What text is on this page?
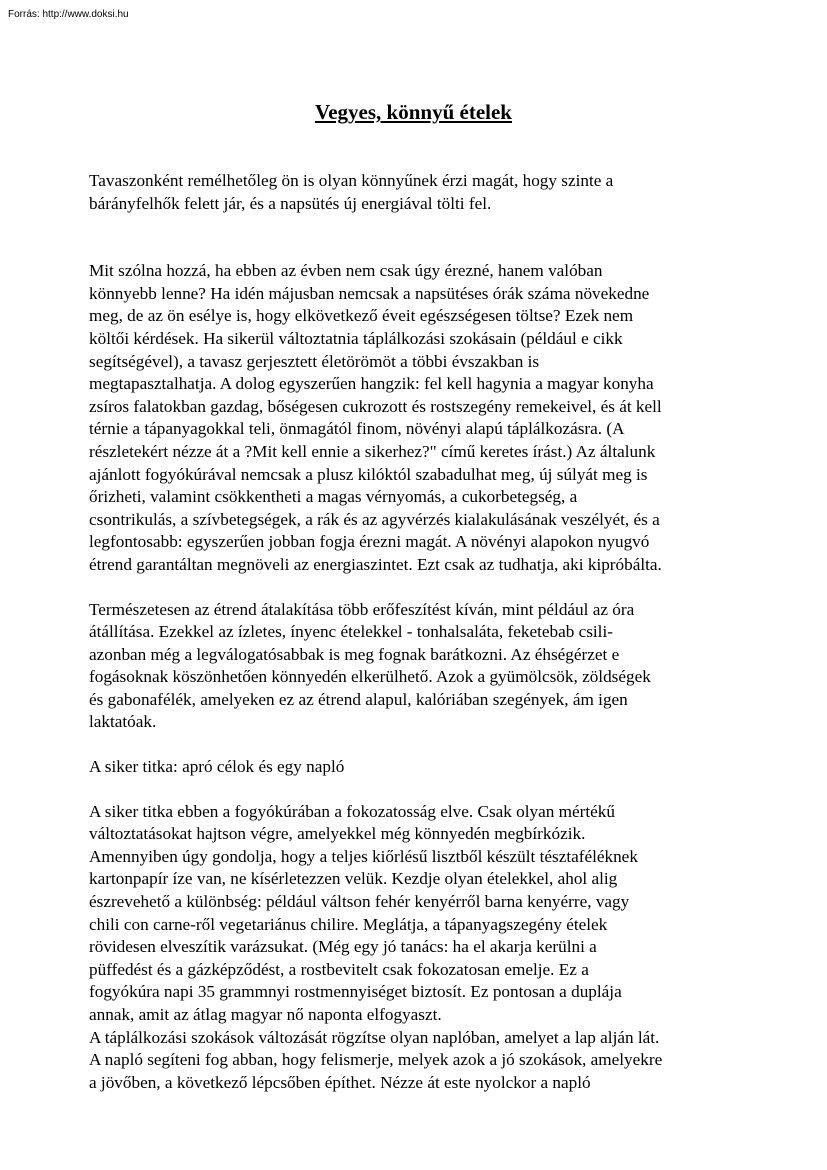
Forrás: http://www.doksi.hu
Vegyes, könnyű ételek

Tavaszonként remélhetőleg ön is olyan könnyűnek érzi magát, hogy szinte a
bárányfelhők felett jár, és a napsütés új energiával tölti fel.

Mit szólna hozzá, ha ebben az évben nem csak úgy érezné, hanem valóban
könnyebb lenne? Ha idén májusban nemcsak a napsütéses órák száma növekedne
meg, de az ön esélye is, hogy elkövetkező éveit egészségesen töltse? Ezek nem
költői kérdések. Ha sikerül változtatnia táplálkozási szokásain (például e cikk
segítségével), a tavasz gerjesztett életörömöt a többi évszakban is
megtapasztalhatja. A dolog egyszerűen hangzik: fel kell hagynia a magyar konyha
zsíros falatokban gazdag, bőségesen cukrozott és rostszegény remekeivel, és át kell
térnie a tápanyagokkal teli, önmagától finom, növényi alapú táplálkozásra. (A
részletekért nézze át a ?Mit kell ennie a sikerhez?" című keretes írást.) Az általunk
ajánlott fogyókúrával nemcsak a plusz kilóktól szabadulhat meg, új súlyát meg is
őrizheti, valamint csökkentheti a magas vérnyomás, a cukorbetegség, a
csontrikulás, a szívbetegségek, a rák és az agyvérzés kialakulásának veszélyét, és a
legfontosabb: egyszerűen jobban fogja érezni magát. A növényi alapokon nyugvó
étrend garantáltan megnöveli az energiaszintet. Ezt csak az tudhatja, aki kipróbálta.

Természetesen az étrend átalakítása több erőfeszítést kíván, mint például az óra
átállítása. Ezekkel az ízletes, ínyenc ételekkel - tonhalsaláta, feketebab csili-
azonban még a legválogatósabbak is meg fognak barátkozni. Az éhségérzet e
fogásoknak köszönhetően könnyedén elkerülhető. Azok a gyümölcsök, zöldségek
és gabonafélék, amelyeken ez az étrend alapul, kalóriában szegények, ám igen
laktatóak.

A siker titka: apró célok és egy napló

A siker titka ebben a fogyókúrában a fokozatosság elve. Csak olyan mértékű
változtatásokat hajtson végre, amelyekkel még könnyedén megbírkózik.
Amennyiben úgy gondolja, hogy a teljes kiőrlésű lisztből készült tésztaféléknek
kartonpapír íze van, ne kísérletezzen velük. Kezdje olyan ételekkel, ahol alig
észrevehető a különbség: például váltson fehér kenyérről barna kenyérre, vagy
chili con carne-ről vegetariánus chilire. Meglátja, a tápanyagszegény ételek
rövidesen elveszítik varázsukat. (Még egy jó tanács: ha el akarja kerülni a
püffedést és a gázképződést, a rostbevitelt csak fokozatosan emelje. Ez a
fogyókúra napi 35 grammnyi rostmennyiséget biztosít. Ez pontosan a duplája
annak, amit az átlag magyar nő naponta elfogyaszt.

A táplálkozási szokások változását rögzítse olyan naplóban, amelyet a lap alján lát.
A napló segíteni fog abban, hogy felismerje, melyek azok a jó szokások, amelyekre
a jövőben, a következő lépcsőben építhet. Nézze át este nyolckor a napló
